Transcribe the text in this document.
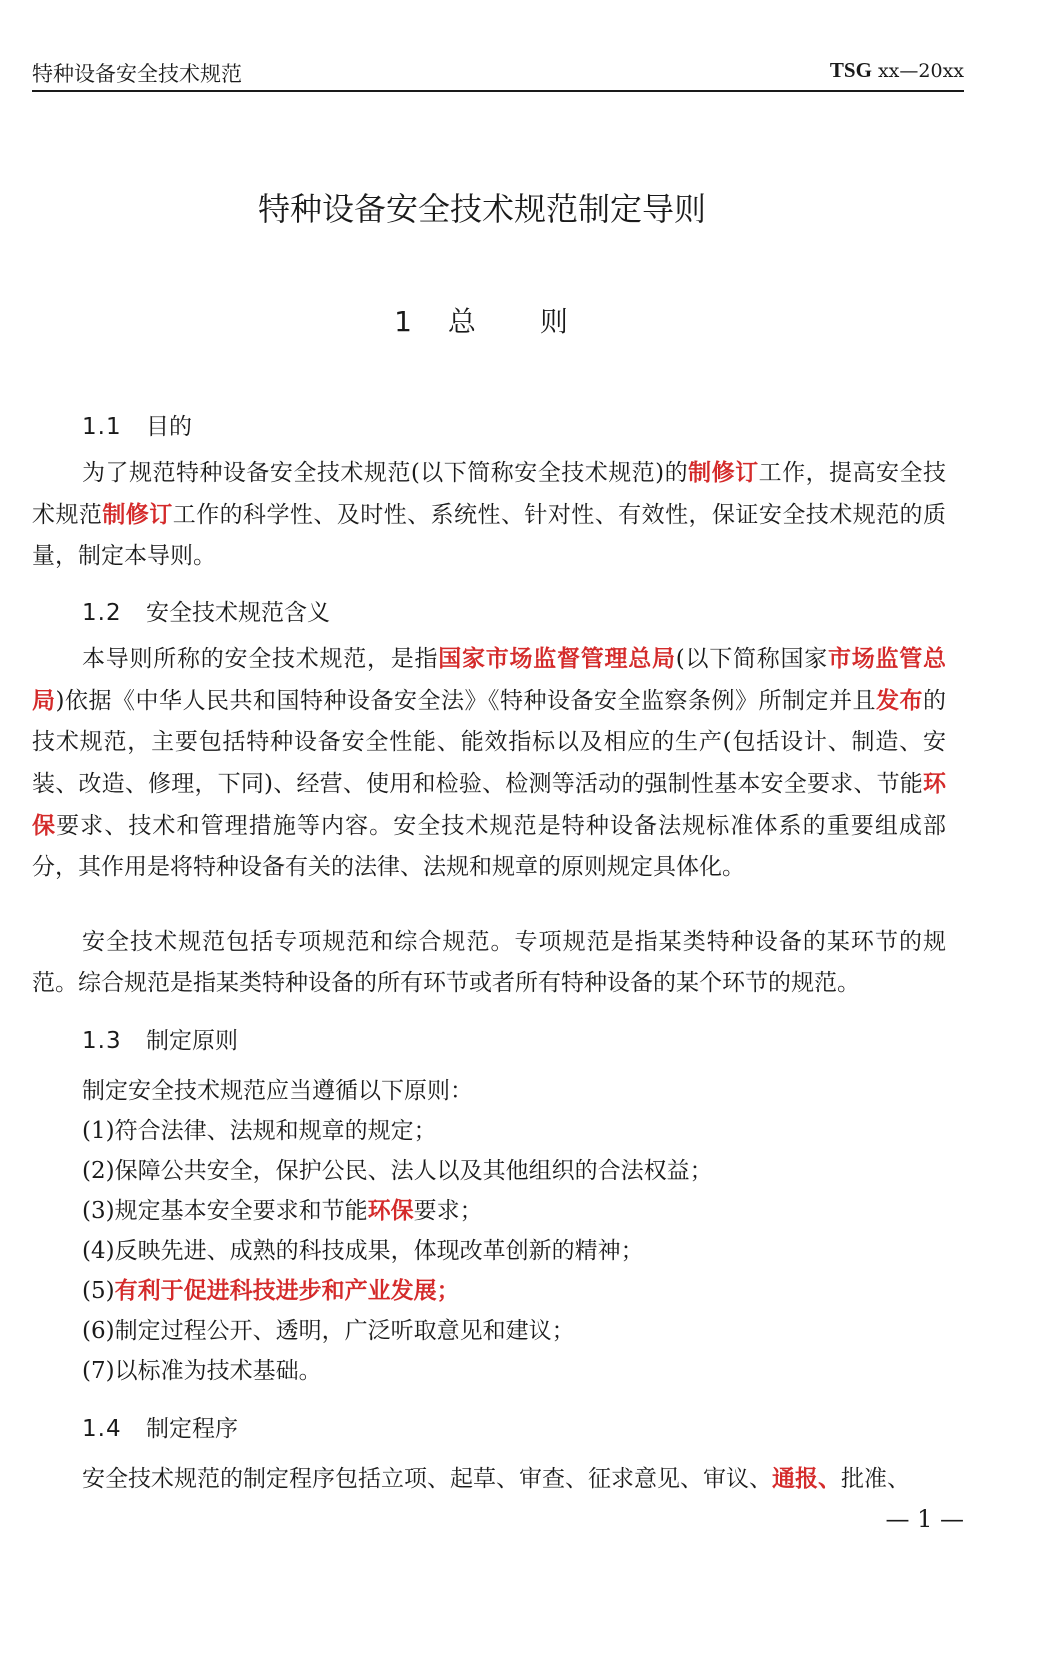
特种设备安全技术规范	TSG xx—20xx
特种设备安全技术规范制定导则
1 总 则
1.1 目的
为了规范特种设备安全技术规范(以下简称安全技术规范)的制修订工作，提高安全技术规范制修订工作的科学性、及时性、系统性、针对性、有效性，保证安全技术规范的质量，制定本导则。
1.2 安全技术规范含义
本导则所称的安全技术规范，是指国家市场监督管理总局(以下简称国家市场监管总局)依据《中华人民共和国特种设备安全法》《特种设备安全监察条例》所制定并且发布的技术规范，主要包括特种设备安全性能、能效指标以及相应的生产(包括设计、制造、安装、改造、修理，下同)、经营、使用和检验、检测等活动的强制性基本安全要求、节能环保要求、技术和管理措施等内容。安全技术规范是特种设备法规标准体系的重要组成部分，其作用是将特种设备有关的法律、法规和规章的原则规定具体化。
安全技术规范包括专项规范和综合规范。专项规范是指某类特种设备的某环节的规范。综合规范是指某类特种设备的所有环节或者所有特种设备的某个环节的规范。
1.3 制定原则
制定安全技术规范应当遵循以下原则：
(1)符合法律、法规和规章的规定；
(2)保障公共安全，保护公民、法人以及其他组织的合法权益；
(3)规定基本安全要求和节能环保要求；
(4)反映先进、成熟的科技成果，体现改革创新的精神；
(5)有利于促进科技进步和产业发展；
(6)制定过程公开、透明，广泛听取意见和建议；
(7)以标准为技术基础。
1.4 制定程序
安全技术规范的制定程序包括立项、起草、审查、征求意见、审议、通报、批准、
— 1 —
